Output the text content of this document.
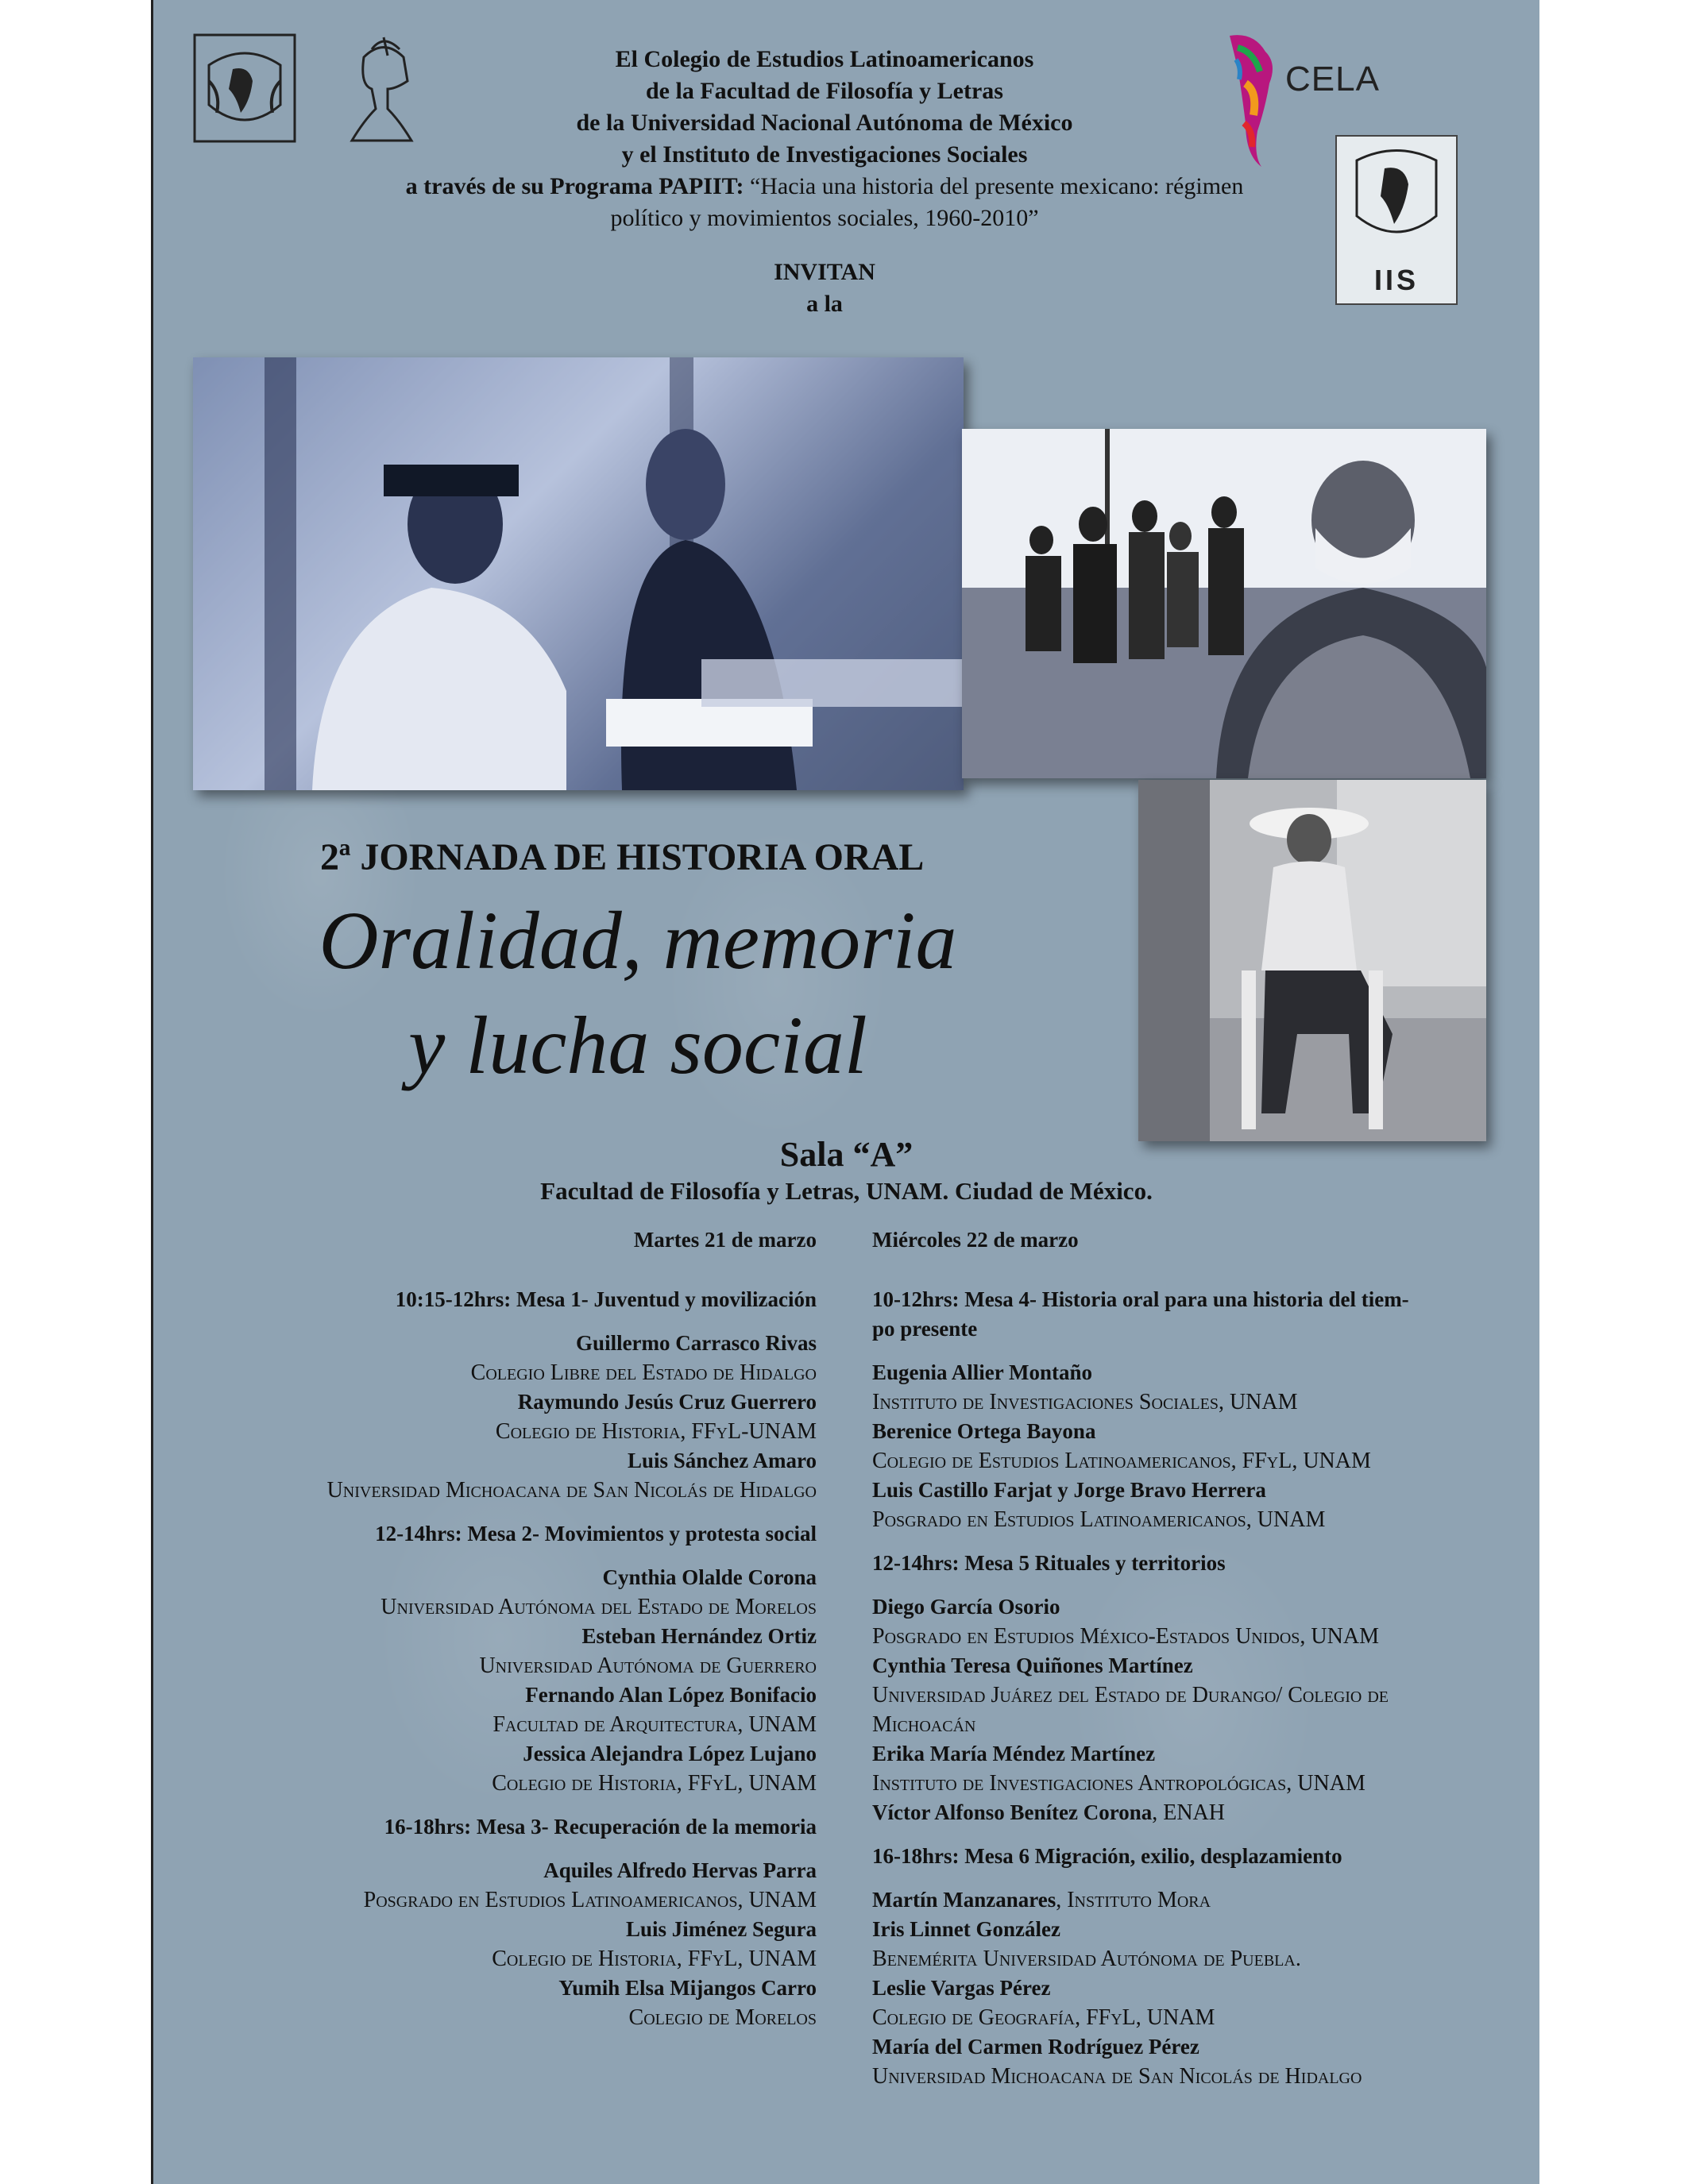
CELA
IIS
El Colegio de Estudios Latinoamericanos
de la Facultad de Filosofía y Letras
de la Universidad Nacional Autónoma de México
y el Instituto de Investigaciones Sociales
a través de su Programa PAPIIT: “Hacia una historia del presente mexicano: régimen
político y movimientos sociales, 1960-2010”
INVITAN
a la
2ª JORNADA DE HISTORIA ORAL
Oralidad, memoria
y lucha social
Sala “A”
Facultad de Filosofía y Letras, UNAM. Ciudad de México.
Martes 21 de marzo
10:15-12hrs: Mesa 1- Juventud y movilización
Guillermo Carrasco Rivas
Colegio Libre del Estado de Hidalgo
Raymundo Jesús Cruz Guerrero
Colegio de Historia, FFyL-UNAM
Luis Sánchez Amaro
Universidad Michoacana de San Nicolás de Hidalgo
12-14hrs: Mesa 2- Movimientos y protesta social
Cynthia Olalde Corona
Universidad Autónoma del Estado de Morelos
Esteban Hernández Ortiz
Universidad Autónoma de Guerrero
Fernando Alan López Bonifacio
Facultad de Arquitectura, UNAM
Jessica Alejandra López Lujano
Colegio de Historia, FFyL, UNAM
16-18hrs: Mesa 3- Recuperación de la memoria
Aquiles Alfredo Hervas Parra
Posgrado en Estudios Latinoamericanos, UNAM
Luis Jiménez Segura
Colegio de Historia, FFyL, UNAM
Yumih Elsa Mijangos Carro
Colegio de Morelos
Miércoles 22 de marzo
10-12hrs: Mesa 4- Historia oral para una historia del tiem-
po presente
Eugenia Allier Montaño
Instituto de Investigaciones Sociales, UNAM
Berenice Ortega Bayona
Colegio de Estudios Latinoamericanos, FFyL, UNAM
Luis Castillo Farjat y Jorge Bravo Herrera
Posgrado en Estudios Latinoamericanos, UNAM
12-14hrs: Mesa 5 Rituales y territorios
Diego García Osorio
Posgrado en Estudios México-Estados Unidos, UNAM
Cynthia Teresa Quiñones Martínez
Universidad Juárez del Estado de Durango/ Colegio de
Michoacán
Erika María Méndez Martínez
Instituto de Investigaciones Antropológicas, UNAM
Víctor Alfonso Benítez Corona, ENAH
16-18hrs: Mesa 6 Migración, exilio, desplazamiento
Martín Manzanares, Instituto Mora
Iris Linnet González
Benemérita Universidad Autónoma de Puebla.
Leslie Vargas Pérez
Colegio de Geografía, FFyL, UNAM
María del Carmen Rodríguez Pérez
Universidad Michoacana de San Nicolás de Hidalgo
